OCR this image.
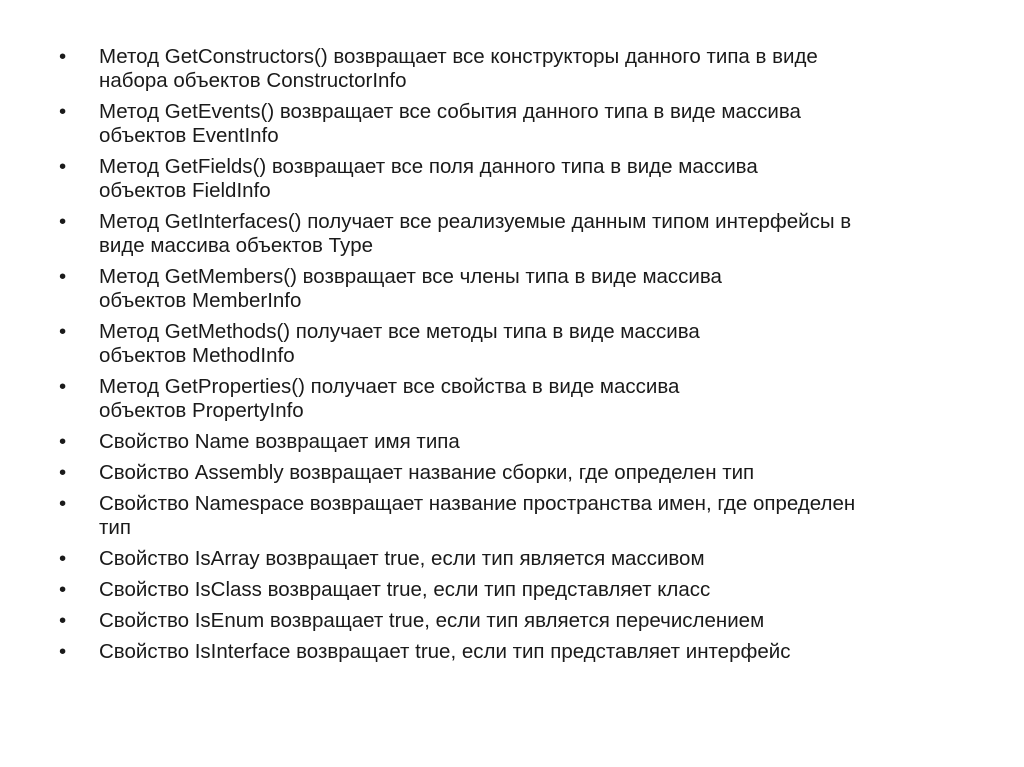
•	Метод GetConstructors() возвращает все конструкторы данного типа в виде
набора объектов ConstructorInfo
•	Метод GetEvents() возвращает все события данного типа в виде массива
объектов EventInfo
•	Метод GetFields() возвращает все поля данного типа в виде массива
объектов FieldInfo
•	Метод GetInterfaces() получает все реализуемые данным типом интерфейсы в
виде массива объектов Type
•	Метод GetMembers() возвращает все члены типа в виде массива
объектов MemberInfo
•	Метод GetMethods() получает все методы типа в виде массива
объектов MethodInfo
•	Метод GetProperties() получает все свойства в виде массива
объектов PropertyInfo
•	Свойство Name возвращает имя типа
•	Свойство Assembly возвращает название сборки, где определен тип
•	Свойство Namespace возвращает название пространства имен, где определен
тип
•	Свойство IsArray возвращает true, если тип является массивом
•	Свойство IsClass возвращает true, если тип представляет класс
•	Свойство IsEnum возвращает true, если тип является перечислением
•	Свойство IsInterface возвращает true, если тип представляет интерфейс
